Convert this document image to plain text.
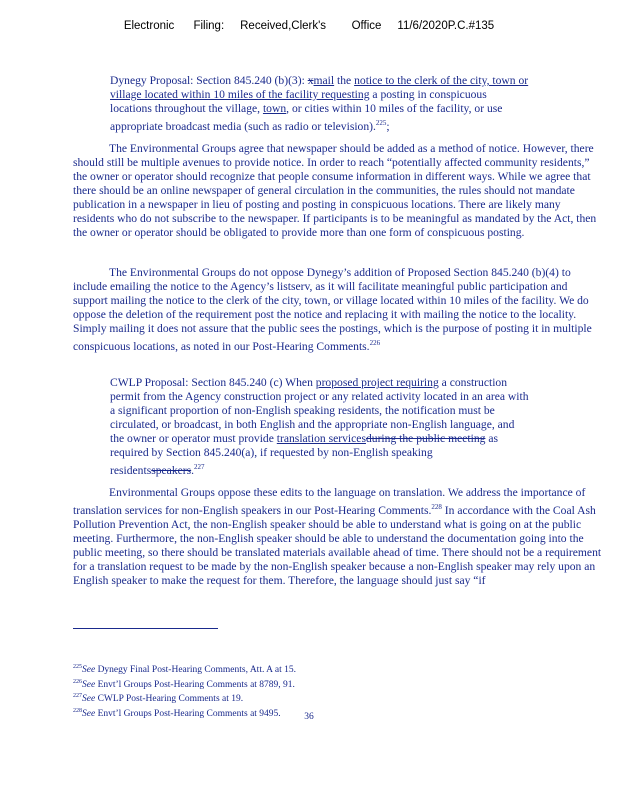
Electronic      Filing:     Received,Clerk's        Office     11/6/2020P.C.#135
Dynegy Proposal: Section 845.240 (b)(3): xmail the notice to the clerk of the city, town or village located within 10 miles of the facility requesting a posting in conspicuous locations throughout the village, town, or cities within 10 miles of the facility, or use appropriate broadcast media (such as radio or television).$^{225}$;
The Environmental Groups agree that newspaper should be added as a method of notice. However, there should still be multiple avenues to provide notice. In order to reach “potentially affected community residents,” the owner or operator should recognize that people consume information in different ways. While we agree that there should be an online newspaper of general circulation in the communities, the rules should not mandate publication in a newspaper in lieu of posting and posting in conspicuous locations. There are likely many residents who do not subscribe to the newspaper. If participants is to be meaningful as mandated by the Act, then the owner or operator should be obligated to provide more than one form of conspicuous posting.
The Environmental Groups do not oppose Dynegy’s addition of Proposed Section 845.240 (b)(4) to include emailing the notice to the Agency’s listserv, as it will facilitate meaningful public participation and support mailing the notice to the clerk of the city, town, or village located within 10 miles of the facility. We do oppose the deletion of the requirement post the notice and replacing it with mailing the notice to the locality. Simply mailing it does not assure that the public sees the postings, which is the purpose of posting it in multiple conspicuous locations, as noted in our Post-Hearing Comments.$^{226}$
CWLP Proposal: Section 845.240 (c) When proposed project requiring a construction permit from the Agency construction project or any related activity located in an area with a significant proportion of non-English speaking residents, the notification must be circulated, or broadcast, in both English and the appropriate non-English language, and the owner or operator must provide translation servicesduring the public meeting as required by Section 845.240(a), if requested by non-English speaking residentsspeakers.$^{227}$
Environmental Groups oppose these edits to the language on translation. We address the importance of translation services for non-English speakers in our Post-Hearing Comments.$^{228}$ In accordance with the Coal Ash Pollution Prevention Act, the non-English speaker should be able to understand what is going on at the public meeting. Furthermore, the non-English speaker should be able to understand the documentation going into the public meeting, so there should be translated materials available ahead of time. There should not be a requirement for a translation request to be made by the non-English speaker because a non-English speaker may rely upon an English speaker to make the request for them. Therefore, the language should just say “if
$^{225}$See Dynegy Final Post-Hearing Comments, Att. A at 15.
$^{226}$See Envt’l Groups Post-Hearing Comments at 8789, 91.
$^{227}$See CWLP Post-Hearing Comments at 19.
$^{228}$See Envt’l Groups Post-Hearing Comments at 9495.	36
